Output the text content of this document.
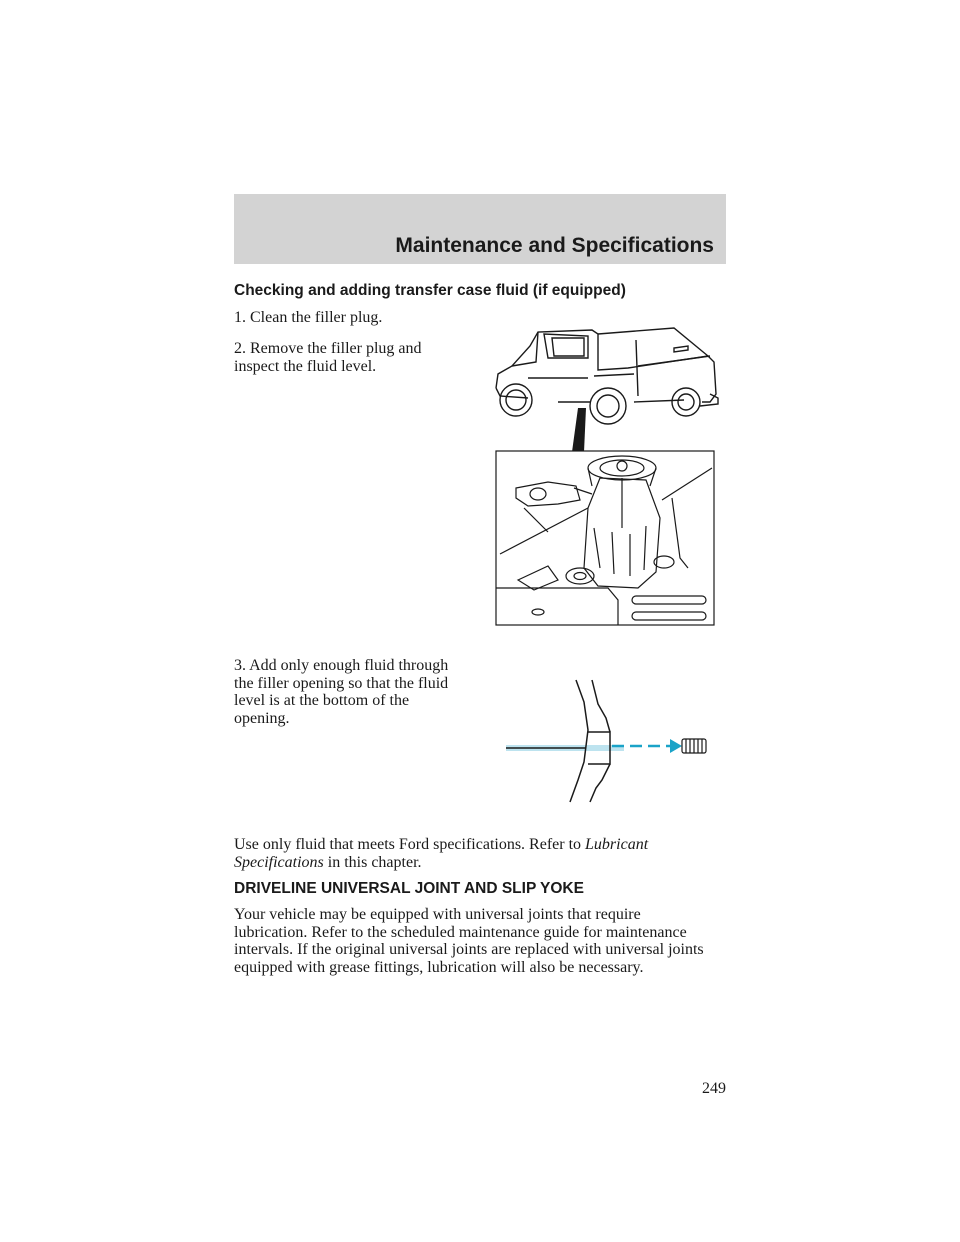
Maintenance and Specifications
Checking and adding transfer case fluid (if equipped)
1. Clean the filler plug.
2. Remove the filler plug and
inspect the fluid level.
3. Add only enough fluid through
the filler opening so that the fluid
level is at the bottom of the
opening.
Use only fluid that meets Ford specifications. Refer to Lubricant
Specifications in this chapter.
DRIVELINE UNIVERSAL JOINT AND SLIP YOKE
Your vehicle may be equipped with universal joints that require
lubrication. Refer to the scheduled maintenance guide for maintenance
intervals. If the original universal joints are replaced with universal joints
equipped with grease fittings, lubrication will also be necessary.
249
